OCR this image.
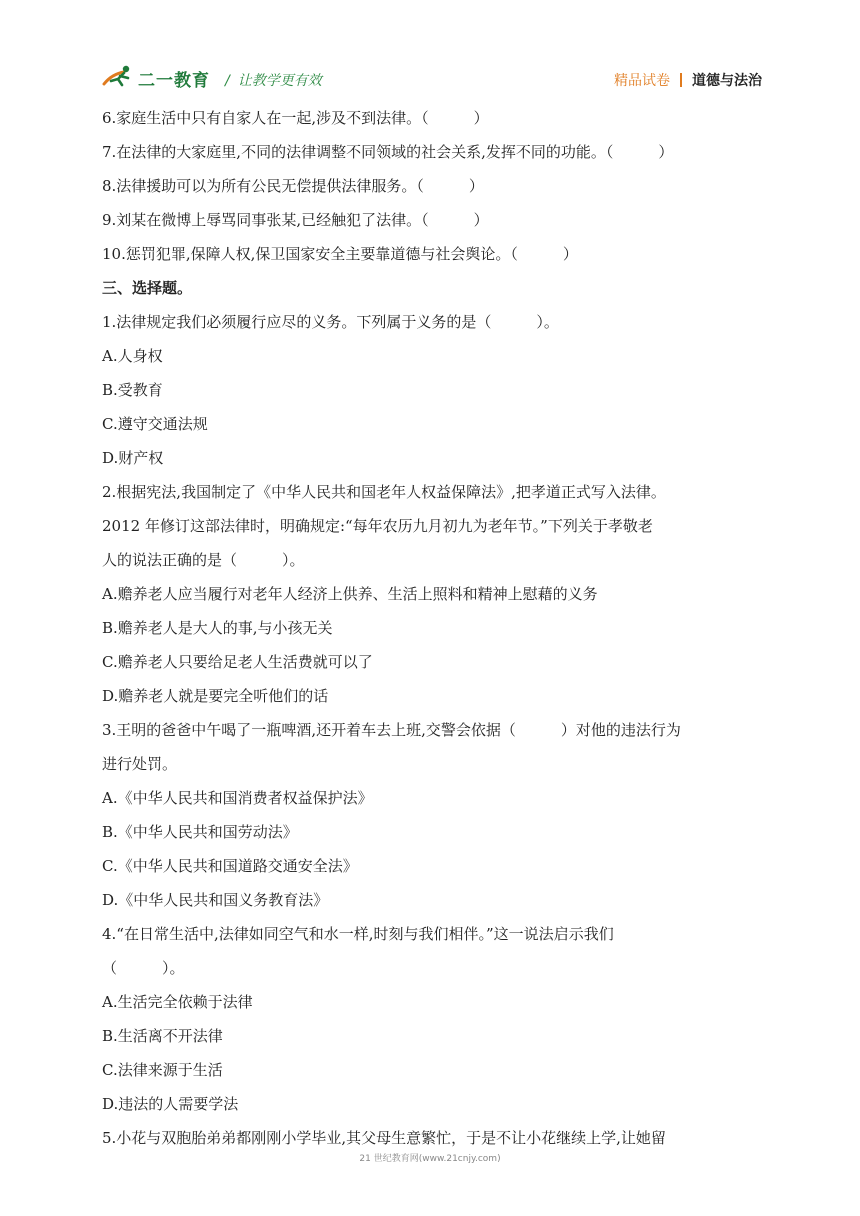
二一教育 / 让教学更有效	精品试卷 道德与法治
6.家庭生活中只有自家人在一起,涉及不到法律。（　　　）
7.在法律的大家庭里,不同的法律调整不同领域的社会关系,发挥不同的功能。（　　　）
8.法律援助可以为所有公民无偿提供法律服务。（　　　）
9.刘某在微博上辱骂同事张某,已经触犯了法律。（　　　）
10.惩罚犯罪,保障人权,保卫国家安全主要靠道德与社会舆论。（　　　）
三、选择题。
1.法律规定我们必须履行应尽的义务。下列属于义务的是（　　　）。
A.人身权
B.受教育
C.遵守交通法规
D.财产权
2.根据宪法,我国制定了《中华人民共和国老年人权益保障法》,把孝道正式写入法律。
2012 年修订这部法律时，明确规定:“每年农历九月初九为老年节。”下列关于孝敬老
人的说法正确的是（　　　）。
A.赡养老人应当履行对老年人经济上供养、生活上照料和精神上慰藉的义务
B.赡养老人是大人的事,与小孩无关
C.赡养老人只要给足老人生活费就可以了
D.赡养老人就是要完全听他们的话
3.王明的爸爸中午喝了一瓶啤酒,还开着车去上班,交警会依据（　　　）对他的违法行为
进行处罚。
A.《中华人民共和国消费者权益保护法》
B.《中华人民共和国劳动法》
C.《中华人民共和国道路交通安全法》
D.《中华人民共和国义务教育法》
4.“在日常生活中,法律如同空气和水一样,时刻与我们相伴。”这一说法启示我们
（　　　）。
A.生活完全依赖于法律
B.生活离不开法律
C.法律来源于生活
D.违法的人需要学法
5.小花与双胞胎弟弟都刚刚小学毕业,其父母生意繁忙，于是不让小花继续上学,让她留
21 世纪教育网(www.21cnjy.com)
